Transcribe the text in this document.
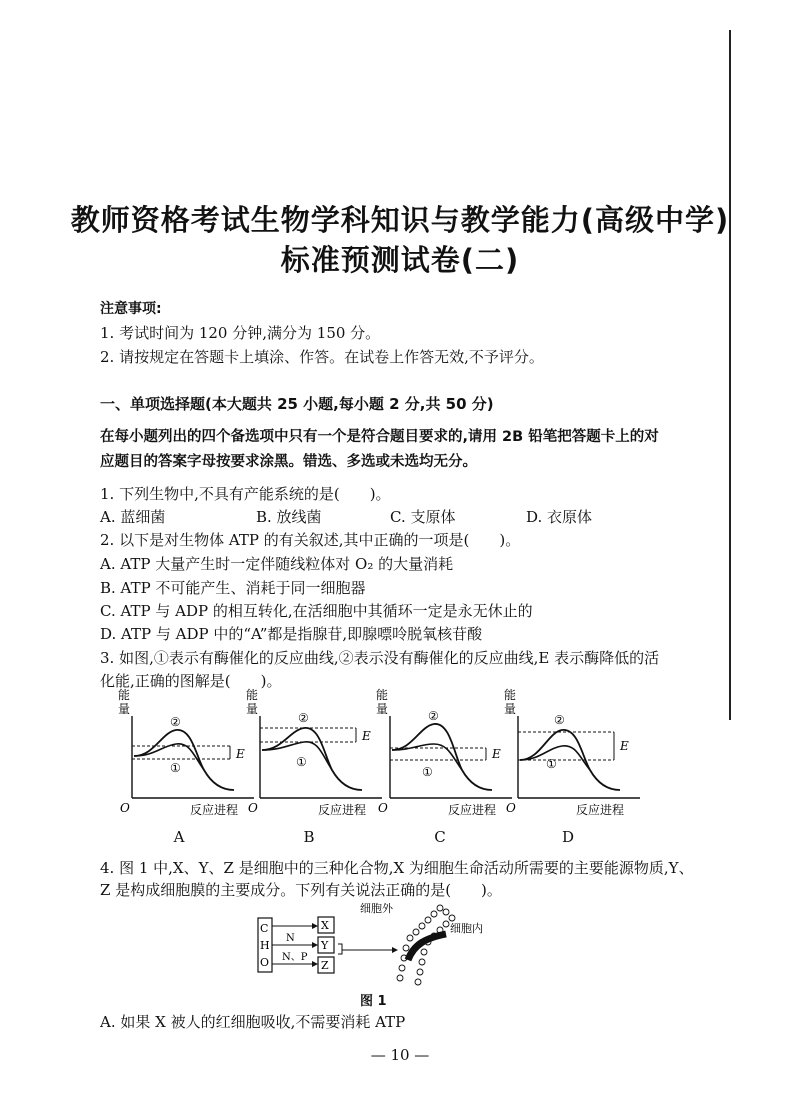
教师资格考试生物学科知识与教学能力(高级中学)
标准预测试卷(二)
注意事项:
1. 考试时间为 120 分钟,满分为 150 分。
2. 请按规定在答题卡上填涂、作答。在试卷上作答无效,不予评分。
一、单项选择题(本大题共 25 小题,每小题 2 分,共 50 分)
在每小题列出的四个备选项中只有一个是符合题目要求的,请用 2B 铅笔把答题卡上的对
应题目的答案字母按要求涂黑。错选、多选或未选均无分。
1. 下列生物中,不具有产能系统的是(　　)。
A. 蓝细菌	B. 放线菌	C. 支原体	D. 衣原体
2. 以下是对生物体 ATP 的有关叙述,其中正确的一项是(　　)。
A. ATP 大量产生时一定伴随线粒体对 O₂ 的大量消耗
B. ATP 不可能产生、消耗于同一细胞器
C. ATP 与 ADP 的相互转化,在活细胞中其循环一定是永无休止的
D. ATP 与 ADP 中的“A”都是指腺苷,即腺嘌呤脱氧核苷酸
3. 如图,①表示有酶催化的反应曲线,②表示没有酶催化的反应曲线,E 表示酶降低的活
化能,正确的图解是(　　)。
能
量
O	反应进程
②
①
E
能
量
O	反应进程
②
①
E
能
量
O	反应进程
②
①
E
能
量
O	反应进程
②
①
E
A	B	C	D
4. 图 1 中,X、Y、Z 是细胞中的三种化合物,X 为细胞生命活动所需要的主要能源物质,Y、
Z 是构成细胞膜的主要成分。下列有关说法正确的是(　　)。
C
H
O
N
N、P
X
Y
Z
细胞外
细胞内
图 1
A. 如果 X 被人的红细胞吸收,不需要消耗 ATP
— 10 —
